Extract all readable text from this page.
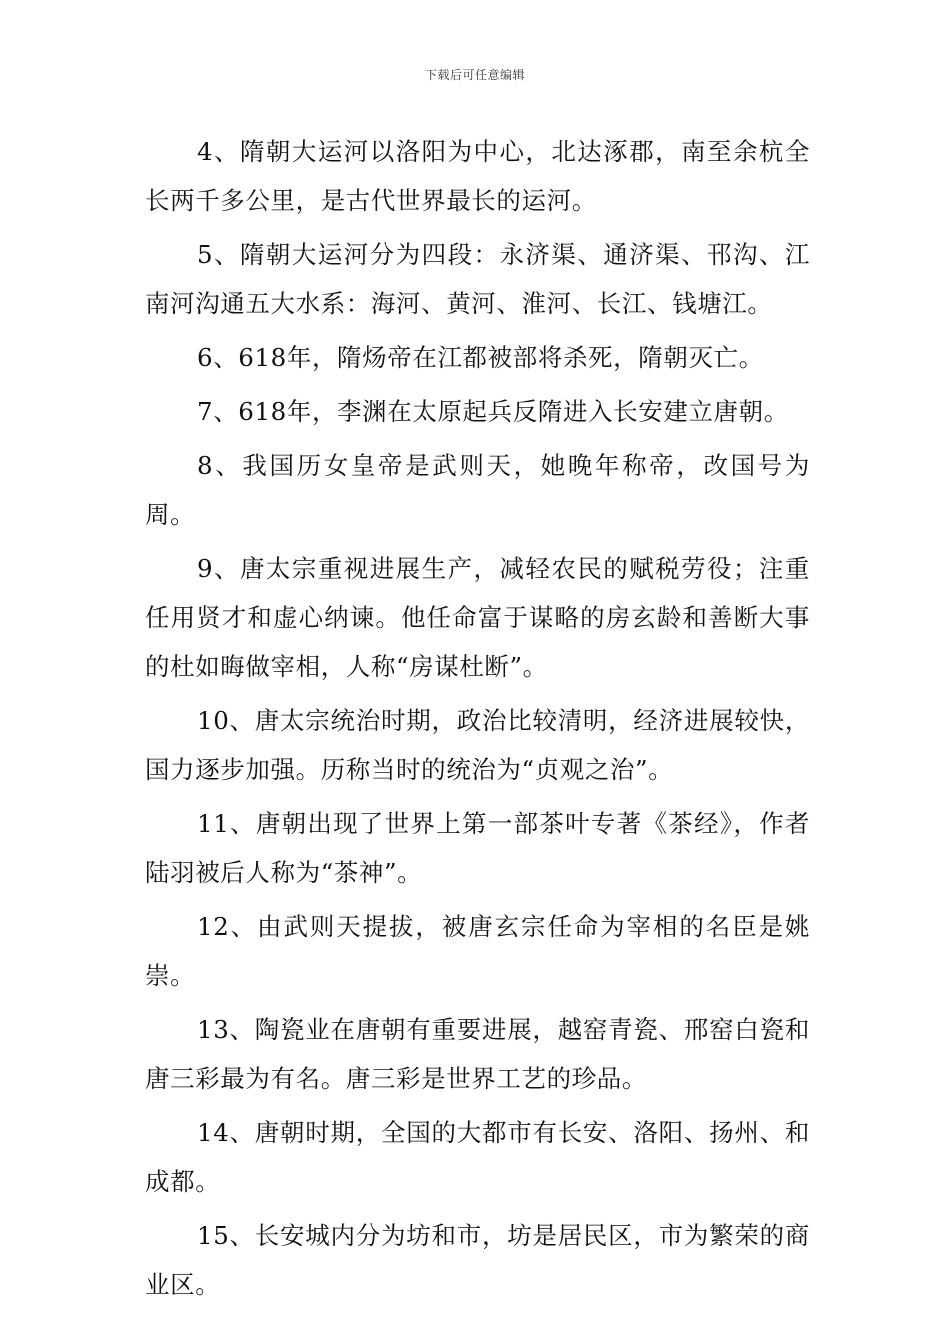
下载后可任意编辑

4、隋朝大运河以洛阳为中心，北达涿郡，南至余杭全长两千多公里，是古代世界最长的运河。

5、隋朝大运河分为四段：永济渠、通济渠、邗沟、江南河沟通五大水系：海河、黄河、淮河、长江、钱塘江。

6、618年，隋炀帝在江都被部将杀死，隋朝灭亡。

7、618年，李渊在太原起兵反隋进入长安建立唐朝。

8、我国历女皇帝是武则天，她晚年称帝，改国号为周。

9、唐太宗重视进展生产，减轻农民的赋税劳役；注重任用贤才和虚心纳谏。他任命富于谋略的房玄龄和善断大事的杜如晦做宰相，人称“房谋杜断”。

10、唐太宗统治时期，政治比较清明，经济进展较快，国力逐步加强。历称当时的统治为“贞观之治”。

11、唐朝出现了世界上第一部茶叶专著《茶经》，作者陆羽被后人称为“茶神”。

12、由武则天提拔，被唐玄宗任命为宰相的名臣是姚崇。

13、陶瓷业在唐朝有重要进展，越窑青瓷、邢窑白瓷和唐三彩最为有名。唐三彩是世界工艺的珍品。

14、唐朝时期，全国的大都市有长安、洛阳、扬州、和成都。

15、长安城内分为坊和市，坊是居民区，市为繁荣的商业区。
